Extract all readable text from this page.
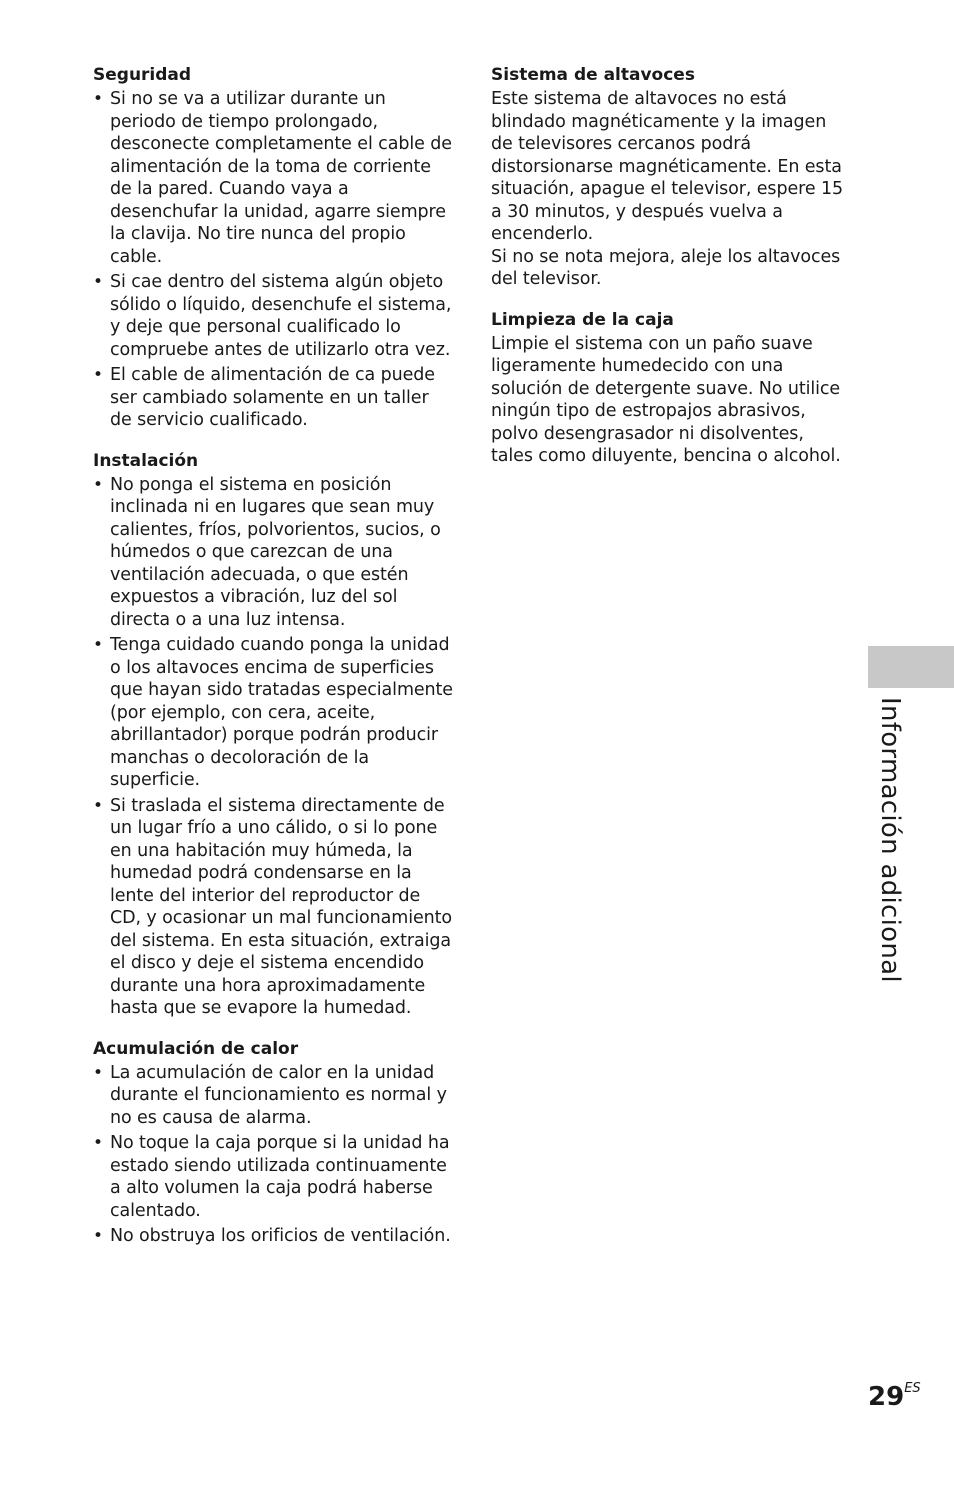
Seguridad
• Si no se va a utilizar durante un periodo de tiempo prolongado, desconecte completamente el cable de alimentación de la toma de corriente de la pared. Cuando vaya a desenchufar la unidad, agarre siempre la clavija. No tire nunca del propio cable.
• Si cae dentro del sistema algún objeto sólido o líquido, desenchufe el sistema, y deje que personal cualificado lo compruebe antes de utilizarlo otra vez.
• El cable de alimentación de ca puede ser cambiado solamente en un taller de servicio cualificado.
Instalación
• No ponga el sistema en posición inclinada ni en lugares que sean muy calientes, fríos, polvorientos, sucios, o húmedos o que carezcan de una ventilación adecuada, o que estén expuestos a vibración, luz del sol directa o a una luz intensa.
• Tenga cuidado cuando ponga la unidad o los altavoces encima de superficies que hayan sido tratadas especialmente (por ejemplo, con cera, aceite, abrillantador) porque podrán producir manchas o decoloración de la superficie.
• Si traslada el sistema directamente de un lugar frío a uno cálido, o si lo pone en una habitación muy húmeda, la humedad podrá condensarse en la lente del interior del reproductor de CD, y ocasionar un mal funcionamiento del sistema. En esta situación, extraiga el disco y deje el sistema encendido durante una hora aproximadamente hasta que se evapore la humedad.
Acumulación de calor
• La acumulación de calor en la unidad durante el funcionamiento es normal y no es causa de alarma.
• No toque la caja porque si la unidad ha estado siendo utilizada continuamente a alto volumen la caja podrá haberse calentado.
• No obstruya los orificios de ventilación.
Sistema de altavoces

Este sistema de altavoces no está blindado magnéticamente y la imagen de televisores cercanos podrá distorsionarse magnéticamente. En esta situación, apague el televisor, espere 15 a 30 minutos, y después vuelva a encenderlo.

Si no se nota mejora, aleje los altavoces del televisor.

Limpieza de la caja

Limpie el sistema con un paño suave ligeramente humedecido con una solución de detergente suave. No utilice ningún tipo de estropajos abrasivos, polvo desengrasador ni disolventes, tales como diluyente, bencina o alcohol.

Información adicional
$29^{ES}$
